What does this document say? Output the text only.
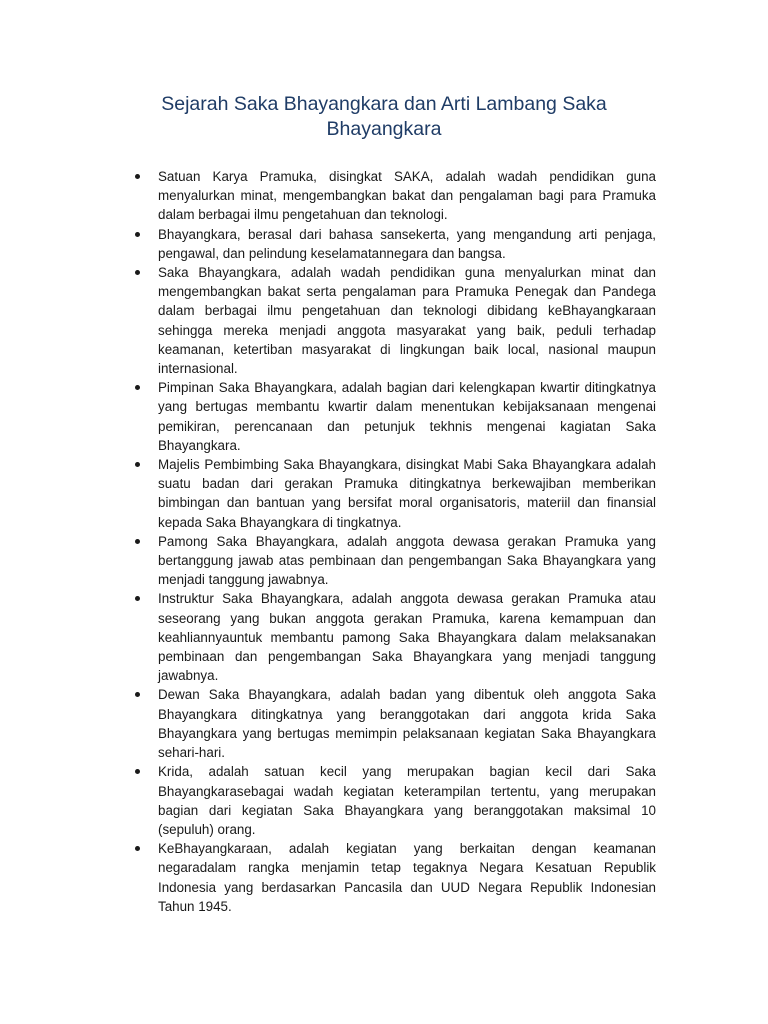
Sejarah Saka Bhayangkara dan Arti Lambang Saka Bhayangkara
Satuan Karya Pramuka, disingkat SAKA, adalah wadah pendidikan guna menyalurkan minat, mengembangkan bakat dan pengalaman bagi para Pramuka dalam berbagai ilmu pengetahuan dan teknologi.
Bhayangkara, berasal dari bahasa sansekerta, yang mengandung arti penjaga, pengawal, dan pelindung keselamatannegara dan bangsa.
Saka Bhayangkara, adalah wadah pendidikan guna menyalurkan minat dan mengembangkan bakat serta pengalaman para Pramuka Penegak dan Pandega dalam berbagai ilmu pengetahuan dan teknologi dibidang keBhayangkaraan sehingga mereka menjadi anggota masyarakat yang baik, peduli terhadap keamanan, ketertiban masyarakat di lingkungan baik local, nasional maupun internasional.
Pimpinan Saka Bhayangkara, adalah bagian dari kelengkapan kwartir ditingkatnya yang bertugas membantu kwartir dalam menentukan kebijaksanaan mengenai pemikiran, perencanaan dan petunjuk tekhnis mengenai kagiatan Saka Bhayangkara.
Majelis Pembimbing Saka Bhayangkara, disingkat Mabi Saka Bhayangkara adalah suatu badan dari gerakan Pramuka ditingkatnya berkewajiban memberikan bimbingan dan bantuan yang bersifat moral organisatoris, materiil dan finansial kepada Saka Bhayangkara di tingkatnya.
Pamong Saka Bhayangkara, adalah anggota dewasa gerakan Pramuka yang bertanggung jawab atas pembinaan dan pengembangan Saka Bhayangkara yang menjadi tanggung jawabnya.
Instruktur Saka Bhayangkara, adalah anggota dewasa gerakan Pramuka atau seseorang yang bukan anggota gerakan Pramuka, karena kemampuan dan keahliannyauntuk membantu pamong Saka Bhayangkara dalam melaksanakan pembinaan dan pengembangan Saka Bhayangkara yang menjadi tanggung jawabnya.
Dewan Saka Bhayangkara, adalah badan yang dibentuk oleh anggota Saka Bhayangkara ditingkatnya yang beranggotakan dari anggota krida Saka Bhayangkara yang bertugas memimpin pelaksanaan kegiatan Saka Bhayangkara sehari-hari.
Krida, adalah satuan kecil yang merupakan bagian kecil dari Saka Bhayangkarasebagai wadah kegiatan keterampilan tertentu, yang merupakan bagian dari kegiatan Saka Bhayangkara yang beranggotakan maksimal 10 (sepuluh) orang.
KeBhayangkaraan, adalah kegiatan yang berkaitan dengan keamanan negaradalam rangka menjamin tetap tegaknya Negara Kesatuan Republik Indonesia yang berdasarkan Pancasila dan UUD Negara Republik Indonesian Tahun 1945.
